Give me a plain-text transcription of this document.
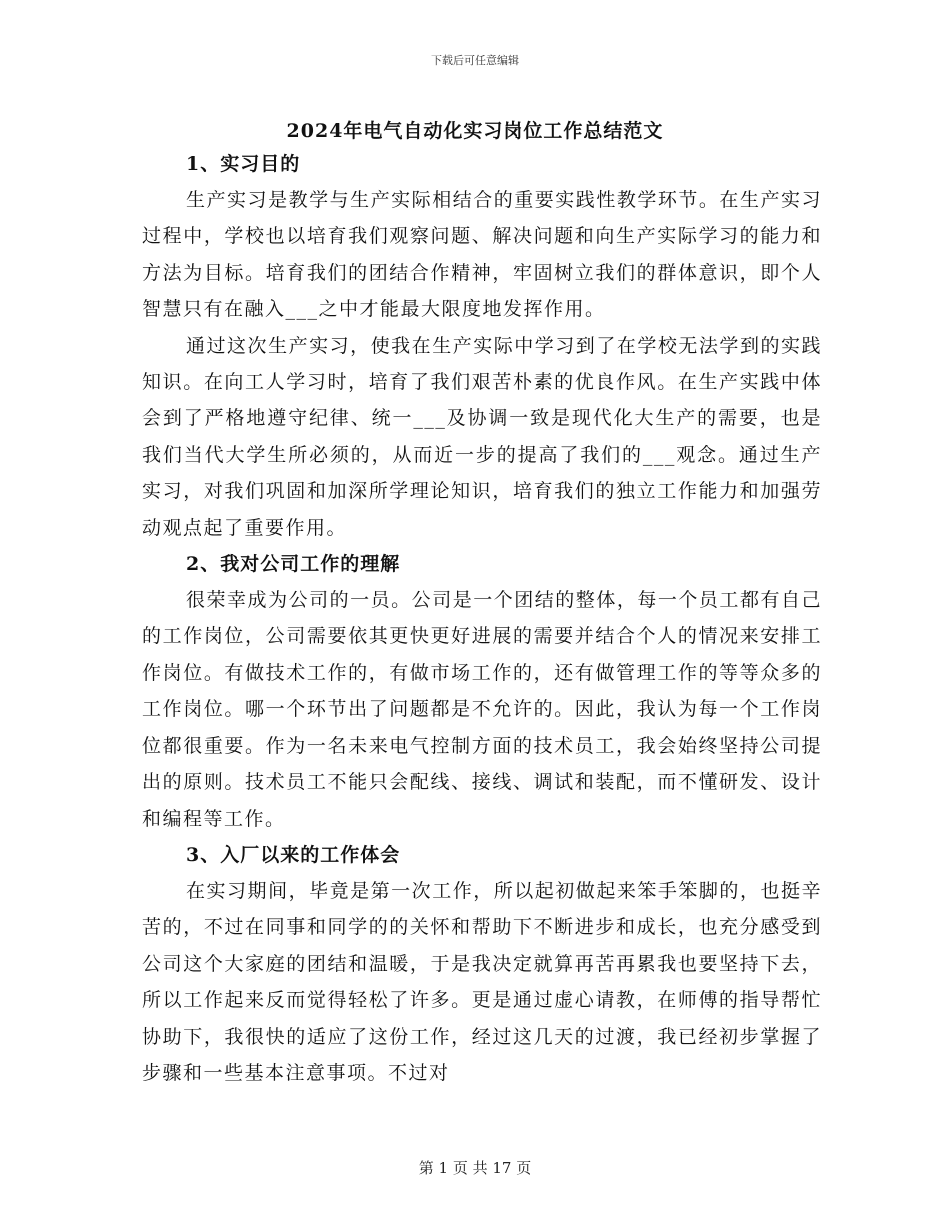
下载后可任意编辑
2024年电气自动化实习岗位工作总结范文
1、实习目的

生产实习是教学与生产实际相结合的重要实践性教学环节。在生产实习过程中，学校也以培育我们观察问题、解决问题和向生产实际学习的能力和方法为目标。培育我们的团结合作精神，牢固树立我们的群体意识，即个人智慧只有在融入___之中才能最大限度地发挥作用。

通过这次生产实习，使我在生产实际中学习到了在学校无法学到的实践知识。在向工人学习时，培育了我们艰苦朴素的优良作风。在生产实践中体会到了严格地遵守纪律、统一___及协调一致是现代化大生产的需要，也是我们当代大学生所必须的，从而近一步的提高了我们的___观念。通过生产实习，对我们巩固和加深所学理论知识，培育我们的独立工作能力和加强劳动观点起了重要作用。

2、我对公司工作的理解

很荣幸成为公司的一员。公司是一个团结的整体，每一个员工都有自己的工作岗位，公司需要依其更快更好进展的需要并结合个人的情况来安排工作岗位。有做技术工作的，有做市场工作的，还有做管理工作的等等众多的工作岗位。哪一个环节出了问题都是不允许的。因此，我认为每一个工作岗位都很重要。作为一名未来电气控制方面的技术员工，我会始终坚持公司提出的原则。技术员工不能只会配线、接线、调试和装配，而不懂研发、设计和编程等工作。

3、入厂以来的工作体会

在实习期间，毕竟是第一次工作，所以起初做起来笨手笨脚的，也挺辛苦的，不过在同事和同学的的关怀和帮助下不断进步和成长，也充分感受到公司这个大家庭的团结和温暖，于是我决定就算再苦再累我也要坚持下去，所以工作起来反而觉得轻松了许多。更是通过虚心请教，在师傅的指导帮忙协助下，我很快的适应了这份工作，经过这几天的过渡，我已经初步掌握了步骤和一些基本注意事项。不过对

第 1 页 共 17 页
